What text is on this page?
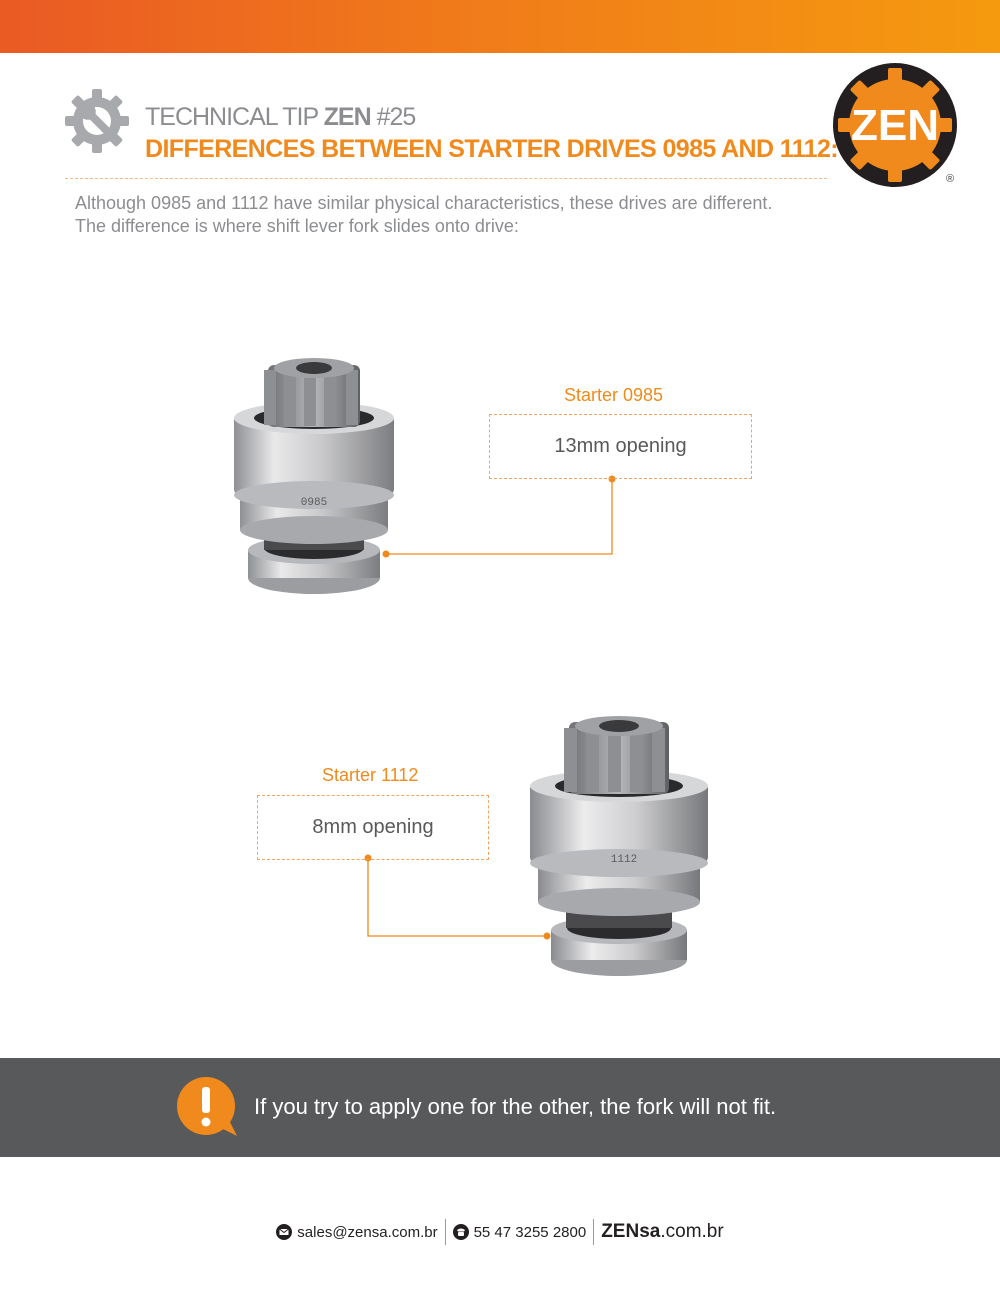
TECHNICAL TIP ZEN #25
DIFFERENCES BETWEEN STARTER DRIVES 0985 AND 1112:
Although 0985 and 1112 have similar physical characteristics, these drives are different.
The difference is where shift lever fork slides onto drive:
ZEN
®
0985
1112
Starter 0985
13mm opening
Starter 1112
8mm opening
If you try to apply one for the other, the fork will not fit.
sales@zensa.com.br 55 47 3255 2800 ZENsa.com.br
